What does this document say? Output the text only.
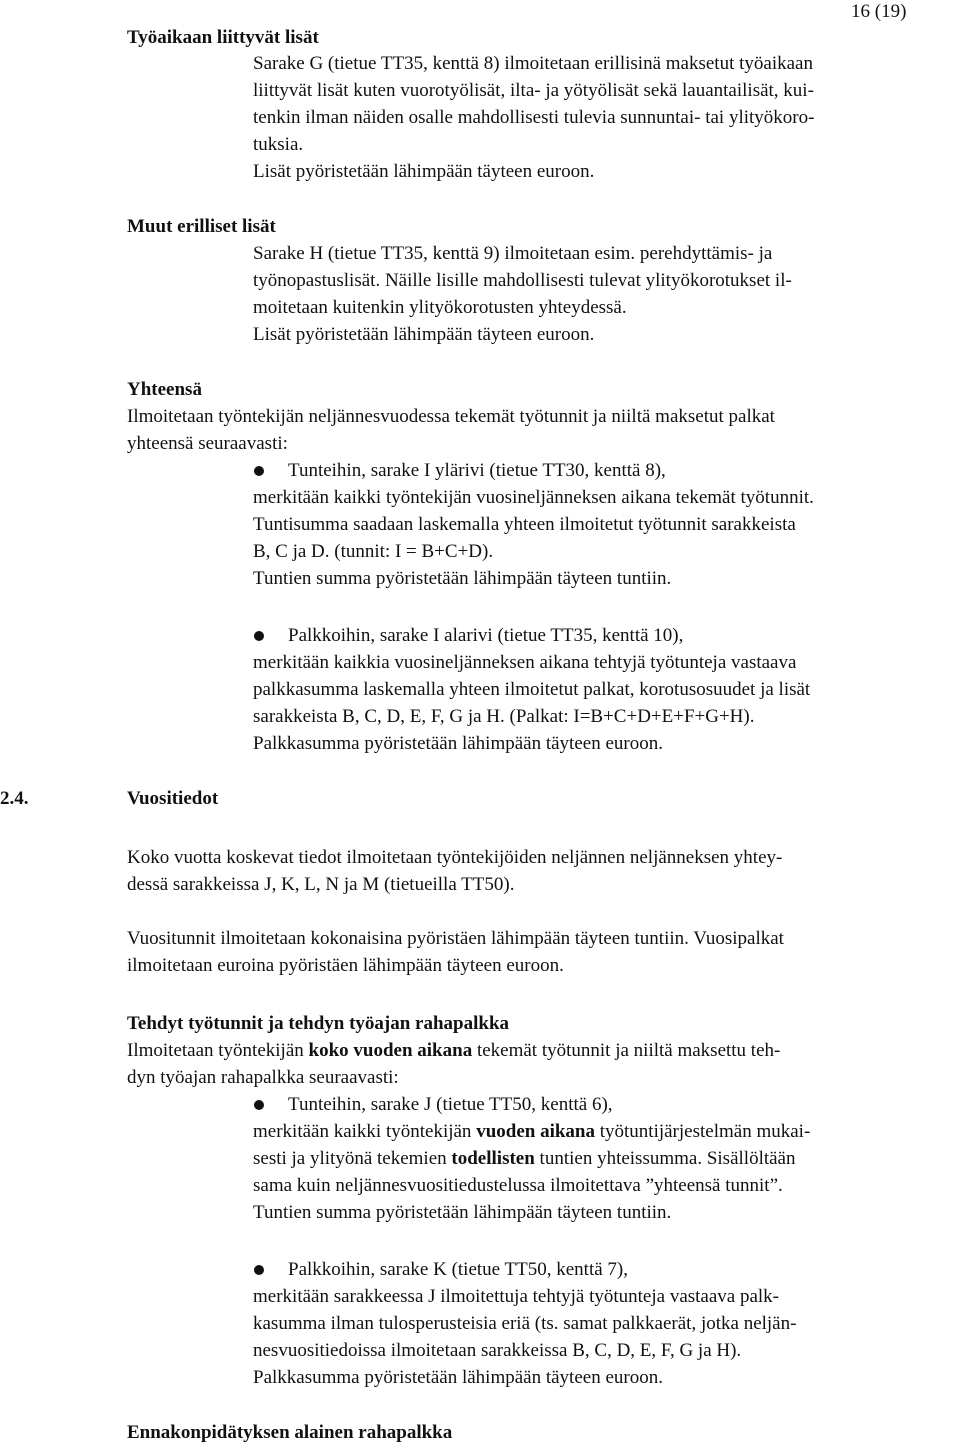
16 (19)
Työaikaan liittyvät lisät
Sarake G (tietue TT35, kenttä 8) ilmoitetaan erillisinä maksetut työaikaan
liittyvät lisät kuten vuorotyölisät, ilta- ja yötyölisät sekä lauantailisät, kui-
tenkin ilman näiden osalle mahdollisesti tulevia sunnuntai- tai ylityökoro-
tuksia.
Lisät pyöristetään lähimpään täyteen euroon.
Muut erilliset lisät
Sarake H (tietue TT35, kenttä 9) ilmoitetaan esim. perehdyttämis- ja
työnopastuslisät. Näille lisille mahdollisesti tulevat ylityökorotukset il-
moitetaan kuitenkin ylityökorotusten yhteydessä.
Lisät pyöristetään lähimpään täyteen euroon.
Yhteensä
Ilmoitetaan työntekijän neljännesvuodessa tekemät työtunnit ja niiltä maksetut palkat
yhteensä seuraavasti:
Tunteihin, sarake I ylärivi (tietue TT30, kenttä 8),
merkitään kaikki työntekijän vuosineljänneksen aikana tekemät työtunnit.
Tuntisumma saadaan laskemalla yhteen ilmoitetut työtunnit sarakkeista
B, C ja D. (tunnit: I = B+C+D).
Tuntien summa pyöristetään lähimpään täyteen tuntiin.
Palkkoihin, sarake I alarivi (tietue TT35, kenttä 10),
merkitään kaikkia vuosineljänneksen aikana tehtyjä työtunteja vastaava
palkkasumma laskemalla yhteen ilmoitetut palkat, korotusosuudet ja lisät
sarakkeista B, C, D, E, F, G ja H. (Palkat: I=B+C+D+E+F+G+H).
Palkkasumma pyöristetään lähimpään täyteen euroon.
2.4.	Vuositiedot
Koko vuotta koskevat tiedot ilmoitetaan työntekijöiden neljännen neljänneksen yhtey-
dessä sarakkeissa J, K, L, N ja M (tietueilla TT50).
Vuositunnit ilmoitetaan kokonaisina pyöristäen lähimpään täyteen tuntiin. Vuosipalkat
ilmoitetaan euroina pyöristäen lähimpään täyteen euroon.
Tehdyt työtunnit ja tehdyn työajan rahapalkka
Ilmoitetaan työntekijän koko vuoden aikana tekemät työtunnit ja niiltä maksettu teh-
dyn työajan rahapalkka seuraavasti:
Tunteihin, sarake J (tietue TT50, kenttä 6),
merkitään kaikki työntekijän vuoden aikana työtuntijärjestelmän mukai-
sesti ja ylityönä tekemien todellisten tuntien yhteissumma. Sisällöltään
sama kuin neljännesvuositiedustelussa ilmoitettava ”yhteensä tunnit”.
Tuntien summa pyöristetään lähimpään täyteen tuntiin.
Palkkoihin, sarake K (tietue TT50, kenttä 7),
merkitään sarakkeessa J ilmoitettuja tehtyjä työtunteja vastaava palk-
kasumma ilman tulosperusteisia eriä (ts. samat palkkaerät, jotka neljän-
nesvuositiedoissa ilmoitetaan sarakkeissa B, C, D, E, F, G ja H).
Palkkasumma pyöristetään lähimpään täyteen euroon.
Ennakonpidätyksen alainen rahapalkka
